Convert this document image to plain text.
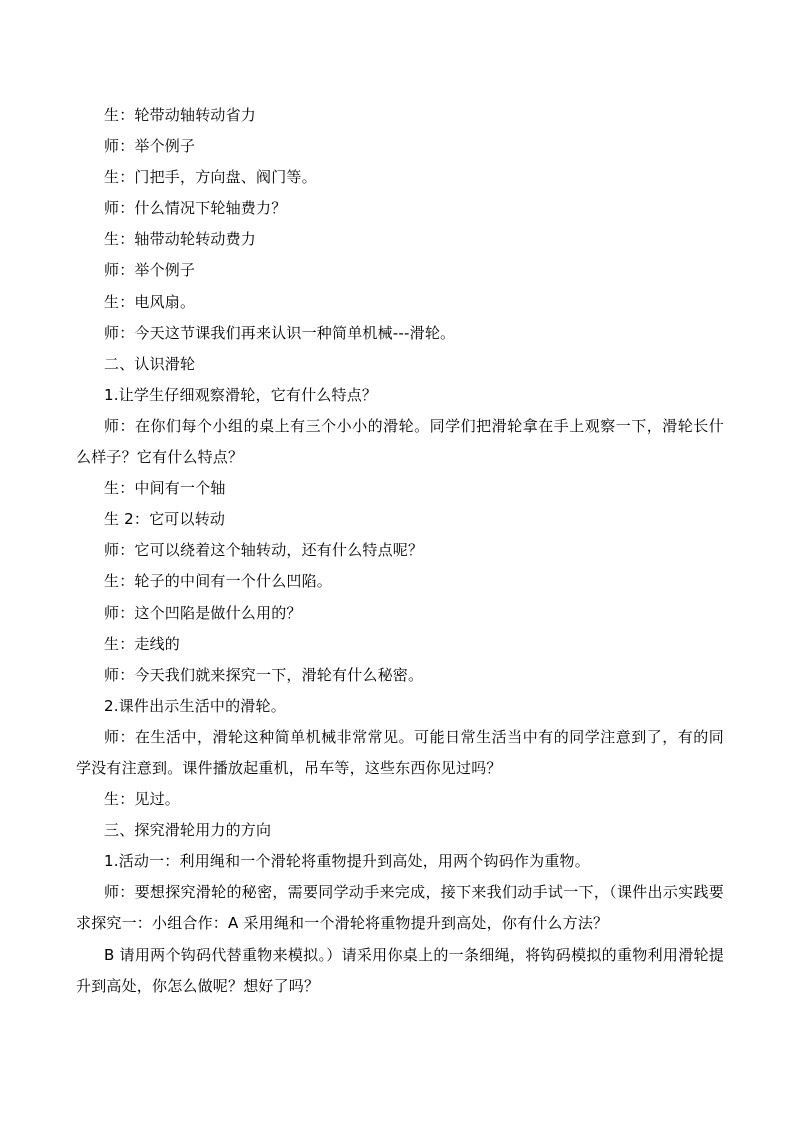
生：轮带动轴转动省力
师：举个例子
生：门把手，方向盘、阀门等。
师：什么情况下轮轴费力？
生：轴带动轮转动费力
师：举个例子
生：电风扇。
师：今天这节课我们再来认识一种简单机械---滑轮。
二、认识滑轮
1.让学生仔细观察滑轮，它有什么特点？
师：在你们每个小组的桌上有三个小小的滑轮。同学们把滑轮拿在手上观察一下，滑轮长什么样子？它有什么特点？
生：中间有一个轴
生 2：它可以转动
师：它可以绕着这个轴转动，还有什么特点呢？
生：轮子的中间有一个什么凹陷。
师：这个凹陷是做什么用的？
生：走线的
师：今天我们就来探究一下，滑轮有什么秘密。
2.课件出示生活中的滑轮。
师：在生活中，滑轮这种简单机械非常常见。可能日常生活当中有的同学注意到了，有的同学没有注意到。课件播放起重机，吊车等，这些东西你见过吗？
生：见过。
三、探究滑轮用力的方向
1.活动一：利用绳和一个滑轮将重物提升到高处，用两个钩码作为重物。
师：要想探究滑轮的秘密，需要同学动手来完成，接下来我们动手试一下，（课件出示实践要求探究一：小组合作：A 采用绳和一个滑轮将重物提升到高处，你有什么方法？
B 请用两个钩码代替重物来模拟。）请采用你桌上的一条细绳，将钩码模拟的重物利用滑轮提升到高处，你怎么做呢？想好了吗？
